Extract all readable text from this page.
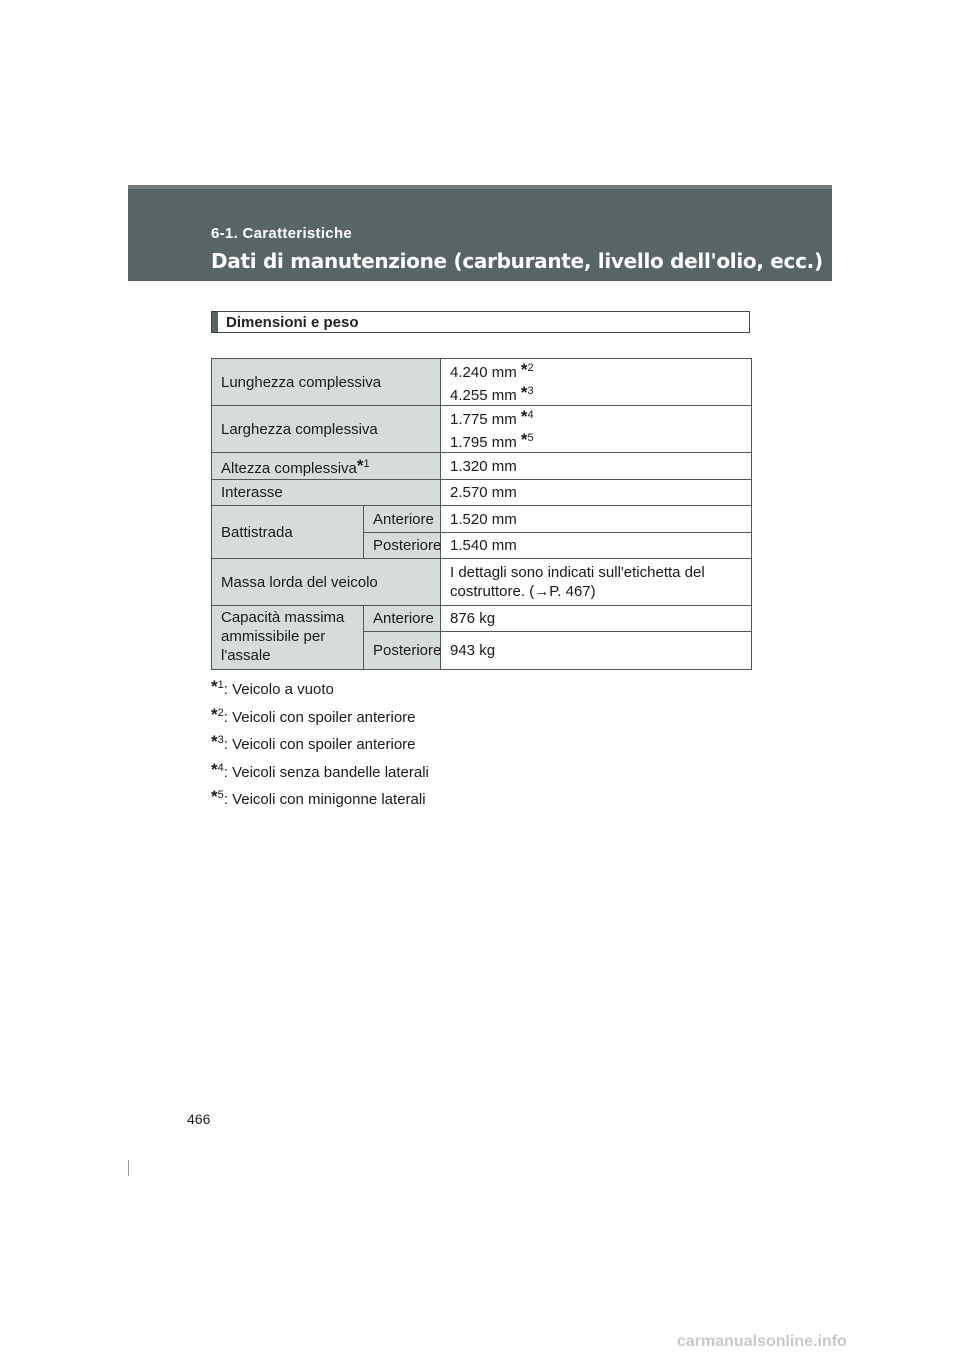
6-1. Caratteristiche
Dati di manutenzione (carburante, livello dell'olio, ecc.)
Dimensioni e peso
Lunghezza complessiva		4.240 mm *$^2$
4.255 mm *$^3$

Larghezza complessiva		1.775 mm *$^4$
1.795 mm *$^5$

Altezza complessiva*$^1$		1.320 mm
Interasse		2.570 mm
Battistrada	Anteriore	1.520 mm
	Posteriore	1.540 mm
Massa lorda del veicolo		I dettagli sono indicati sull'etichetta del
costruttore. (→P. 467)

Capacità massima ammissibile per l'assale	Anteriore	876 kg
	Posteriore	943 kg
*$^1$: Veicolo a vuoto
*$^2$: Veicoli con spoiler anteriore
*$^3$: Veicoli con spoiler anteriore
*$^4$: Veicoli senza bandelle laterali
*$^5$: Veicoli con minigonne laterali
466
carmanualsonline.info
